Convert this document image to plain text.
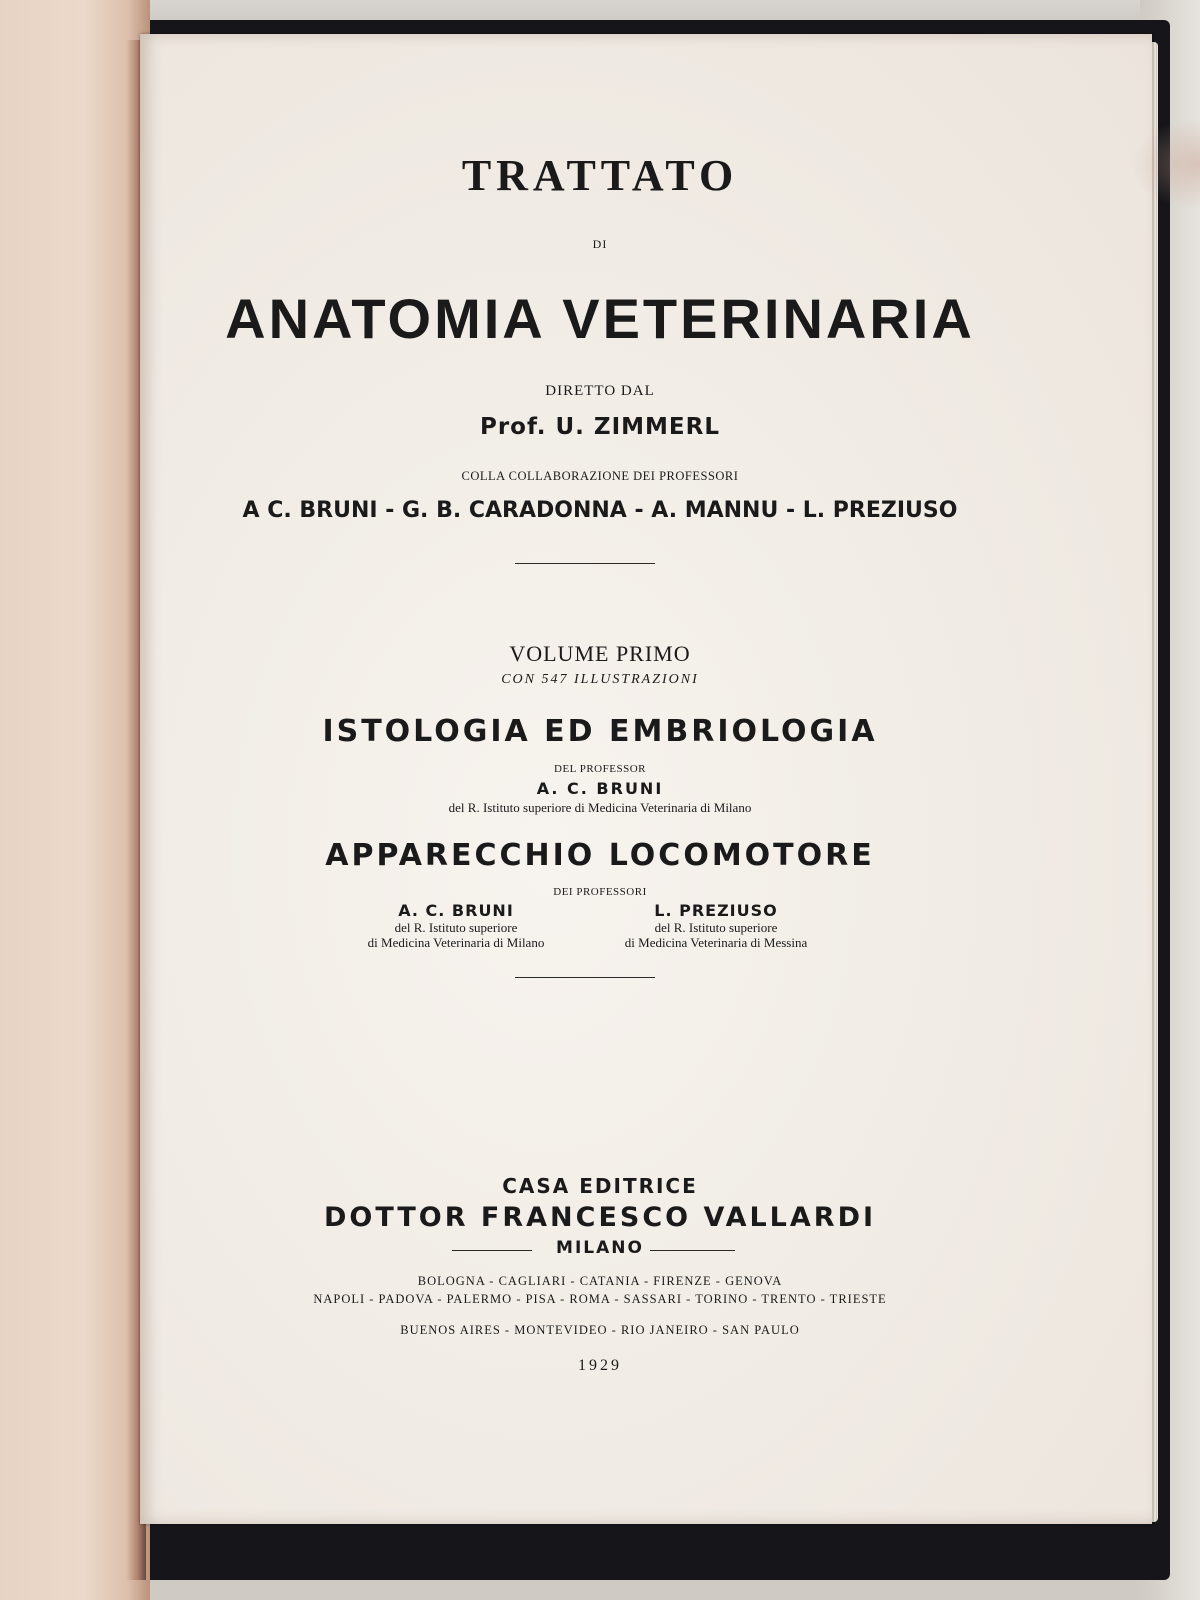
TRATTATO
DI
ANATOMIA VETERINARIA
DIRETTO DAL
Prof. U. ZIMMERL
COLLA COLLABORAZIONE DEI PROFESSORI
A C. BRUNI - G. B. CARADONNA - A. MANNU - L. PREZIUSO
VOLUME PRIMO
CON 547 ILLUSTRAZIONI
ISTOLOGIA ED EMBRIOLOGIA
DEL PROFESSOR
A. C. BRUNI
del R. Istituto superiore di Medicina Veterinaria di Milano
APPARECCHIO LOCOMOTORE
DEI PROFESSORI
A. C. BRUNI
del R. Istituto superiore
di Medicina Veterinaria di Milano
L. PREZIUSO
del R. Istituto superiore
di Medicina Veterinaria di Messina
CASA EDITRICE
DOTTOR FRANCESCO VALLARDI
MILANO
BOLOGNA - CAGLIARI - CATANIA - FIRENZE - GENOVA
NAPOLI - PADOVA - PALERMO - PISA - ROMA - SASSARI - TORINO - TRENTO - TRIESTE
BUENOS AIRES - MONTEVIDEO - RIO JANEIRO - SAN PAULO
1929
